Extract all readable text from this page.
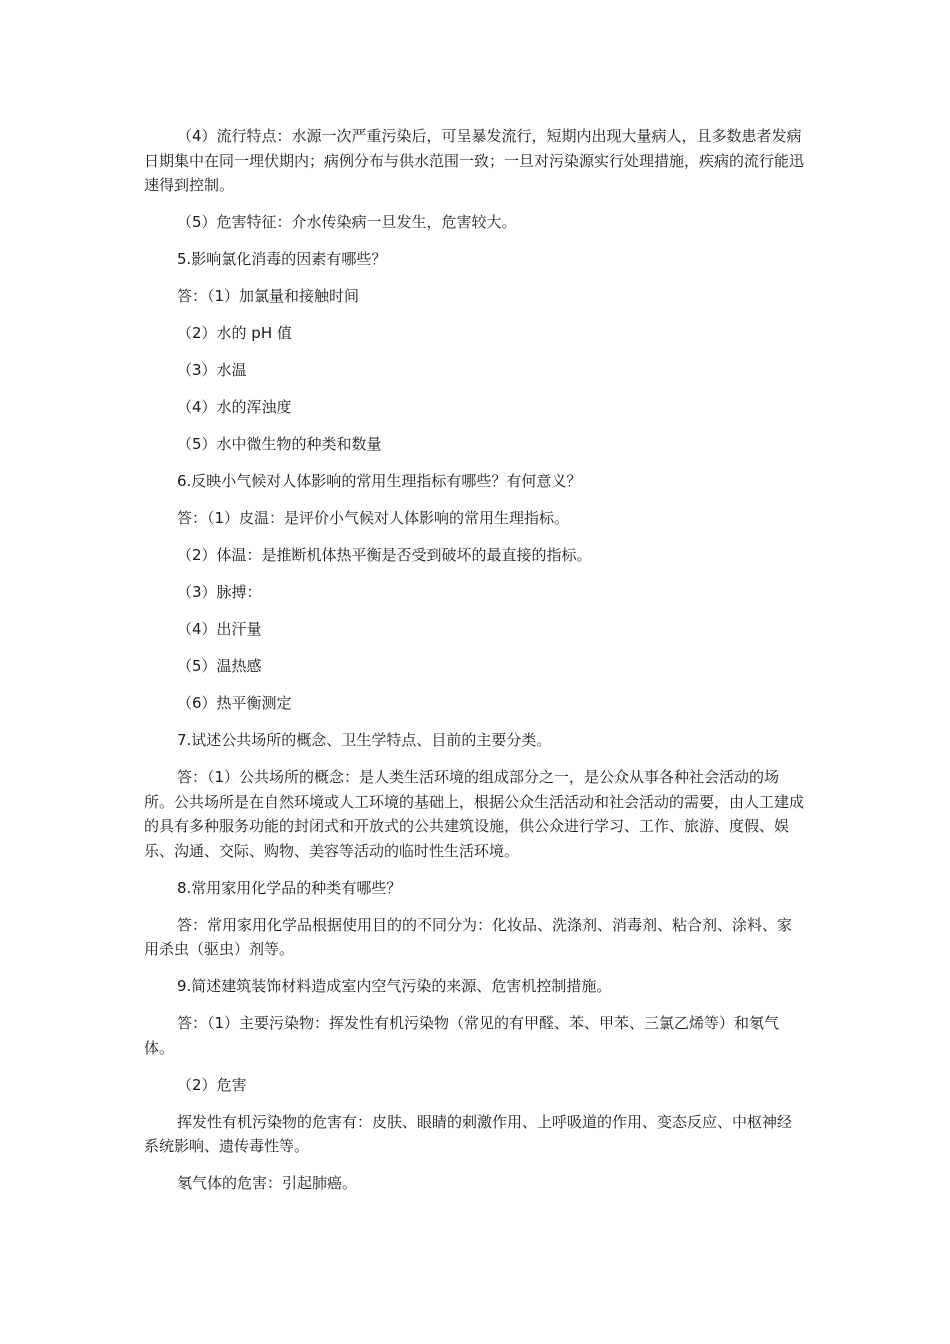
（4）流行特点：水源一次严重污染后，可呈暴发流行，短期内出现大量病人，且多数患者发病日期集中在同一埋伏期内；病例分布与供水范围一致；一旦对污染源实行处理措施，疾病的流行能迅速得到控制。

（5）危害特征：介水传染病一旦发生，危害较大。

5.影响氯化消毒的因素有哪些？

答：（1）加氯量和接触时间

（2）水的 pH 值

（3）水温

（4）水的浑浊度

（5）水中微生物的种类和数量

6.反映小气候对人体影响的常用生理指标有哪些？有何意义？

答：（1）皮温：是评价小气候对人体影响的常用生理指标。

（2）体温：是推断机体热平衡是否受到破坏的最直接的指标。

（3）脉搏：

（4）出汗量

（5）温热感

（6）热平衡测定

7.试述公共场所的概念、卫生学特点、目前的主要分类。

答：（1）公共场所的概念：是人类生活环境的组成部分之一，是公众从事各种社会活动的场所。公共场所是在自然环境或人工环境的基础上，根据公众生活活动和社会活动的需要，由人工建成的具有多种服务功能的封闭式和开放式的公共建筑设施，供公众进行学习、工作、旅游、度假、娱乐、沟通、交际、购物、美容等活动的临时性生活环境。

8.常用家用化学品的种类有哪些？

答：常用家用化学品根据使用目的的不同分为：化妆品、洗涤剂、消毒剂、粘合剂、涂料、家用杀虫（驱虫）剂等。

9.简述建筑装饰材料造成室内空气污染的来源、危害机控制措施。

答：（1）主要污染物：挥发性有机污染物（常见的有甲醛、苯、甲苯、三氯乙烯等）和氡气体。

（2）危害

挥发性有机污染物的危害有：皮肤、眼睛的刺激作用、上呼吸道的作用、变态反应、中枢神经系统影响、遗传毒性等。

氡气体的危害：引起肺癌。
